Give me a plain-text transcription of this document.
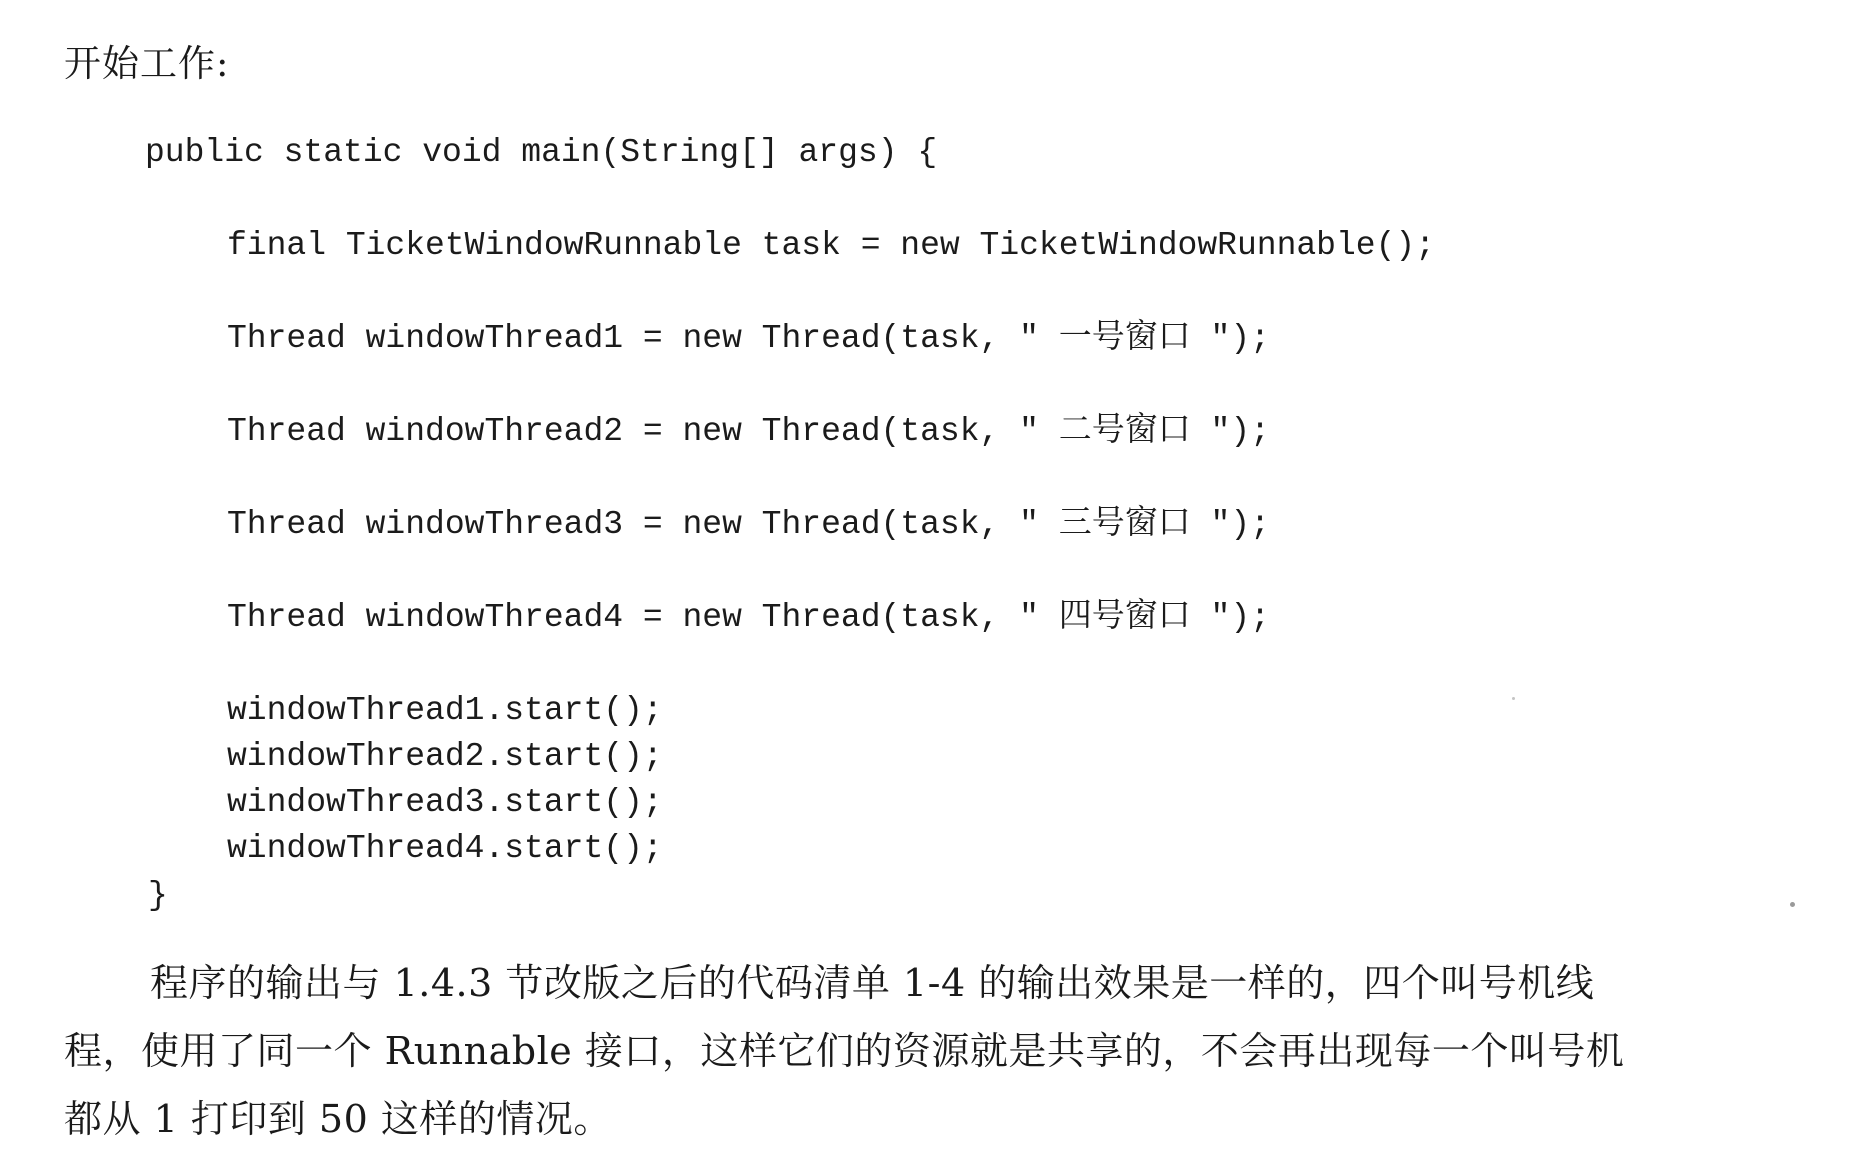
开始工作:
public static void main(String[] args) {
final TicketWindowRunnable task = new TicketWindowRunnable();
Thread windowThread1 = new Thread(task, " 一号窗口 ");
Thread windowThread2 = new Thread(task, " 二号窗口 ");
Thread windowThread3 = new Thread(task, " 三号窗口 ");
Thread windowThread4 = new Thread(task, " 四号窗口 ");
windowThread1.start();
windowThread2.start();
windowThread3.start();
windowThread4.start();
}
程序的输出与 1.4.3 节改版之后的代码清单 1-4 的输出效果是一样的，四个叫号机线
程，使用了同一个 Runnable 接口，这样它们的资源就是共享的，不会再出现每一个叫号机
都从 1 打印到 50 这样的情况。
